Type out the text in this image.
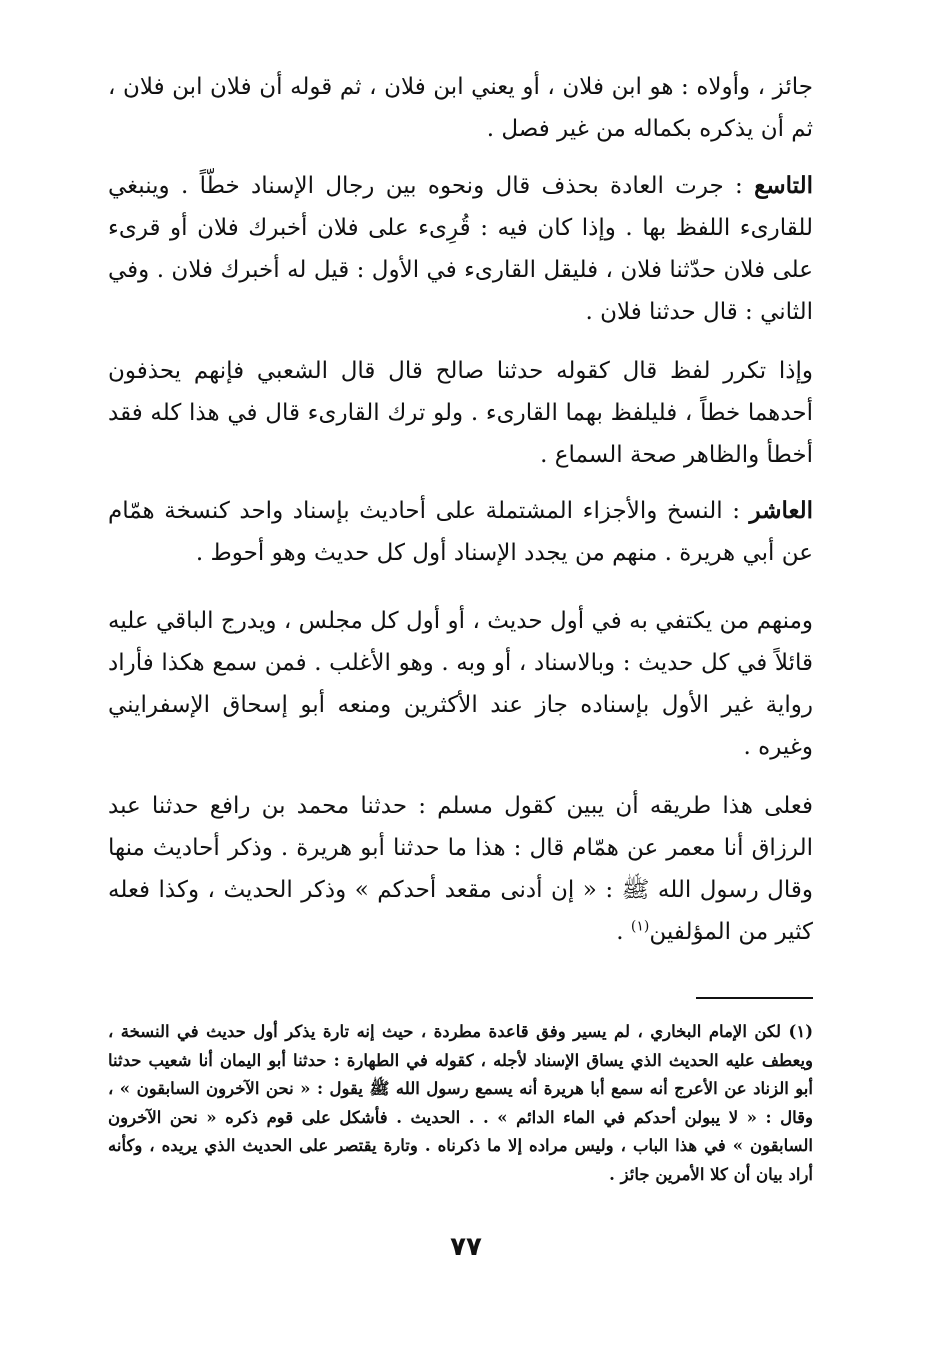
جائز ، وأولاه : هو ابن فلان ، أو يعني ابن فلان ، ثم قوله أن فلان ابن فلان ، ثم أن يذكره بكماله من غير فصل .

التاسع : جرت العادة بحذف قال ونحوه بين رجال الإسناد خطّاً . وينبغي للقارىء اللفظ بها . وإذا كان فيه : قُرِىء على فلان أخبرك فلان أو قرىء على فلان حدّثنا فلان ، فليقل القارىء في الأول : قيل له أخبرك فلان . وفي الثاني : قال حدثنا فلان .

وإذا تكرر لفظ قال كقوله حدثنا صالح قال قال الشعبي فإنهم يحذفون أحدهما خطاً ، فليلفظ بهما القارىء . ولو ترك القارىء قال في هذا كله فقد أخطأ والظاهر صحة السماع .

العاشر : النسخ والأجزاء المشتملة على أحاديث بإسناد واحد كنسخة همّام عن أبي هريرة . منهم من يجدد الإسناد أول كل حديث وهو أحوط .

ومنهم من يكتفي به في أول حديث ، أو أول كل مجلس ، ويدرج الباقي عليه قائلاً في كل حديث : وبالاسناد ، أو وبه . وهو الأغلب . فمن سمع هكذا فأراد رواية غير الأول بإسناده جاز عند الأكثرين ومنعه أبو إسحاق الإسفرايني وغيره .

فعلى هذا طريقه أن يبين كقول مسلم : حدثنا محمد بن رافع حدثنا عبد الرزاق أنا معمر عن همّام قال : هذا ما حدثنا أبو هريرة . وذكر أحاديث منها وقال رسول الله ﷺ : « إن أدنى مقعد أحدكم » وذكر الحديث ، وكذا فعله كثير من المؤلفين$^{(١)}$ .

(١) لكن الإمام البخاري ، لم يسير وفق قاعدة مطردة ، حيث إنه تارة يذكر أول حديث في النسخة ، ويعطف عليه الحديث الذي يساق الإسناد لأجله ، كقوله في الطهارة : حدثنا أبو اليمان أنا شعيب حدثنا أبو الزناد عن الأعرج أنه سمع أبا هريرة أنه يسمع رسول الله ﷺ يقول : « نحن الآخرون السابقون » ، وقال : « لا يبولن أحدكم في الماء الدائم » . . الحديث . فأشكل على قوم ذكره « نحن الآخرون السابقون » في هذا الباب ، وليس مراده إلا ما ذكرناه . وتارة يقتصر على الحديث الذي يريده ، وكأنه أراد بيان أن كلا الأمرين جائز .

٧٧
